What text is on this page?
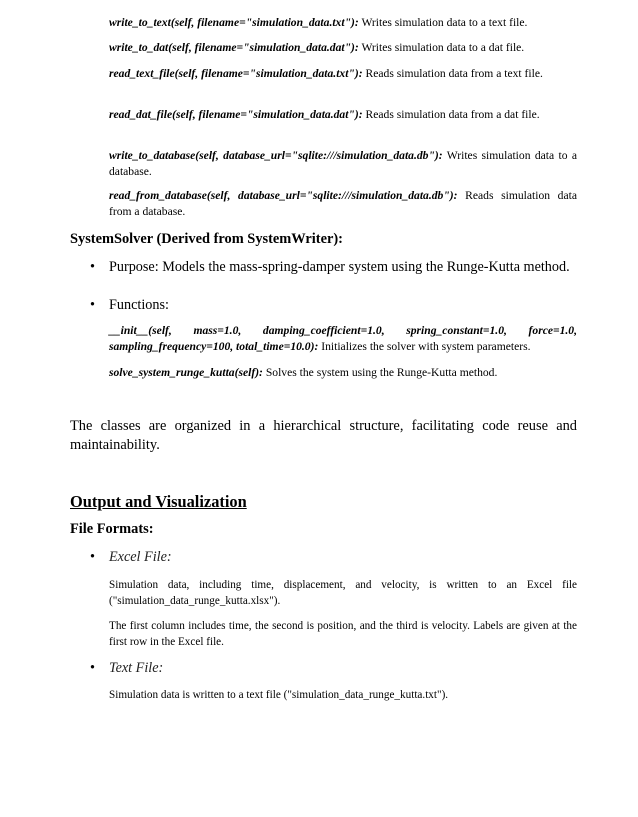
write_to_text(self, filename="simulation_data.txt"): Writes simulation data to a text file.
write_to_dat(self, filename="simulation_data.dat"): Writes simulation data to a dat file.
read_text_file(self, filename="simulation_data.txt"): Reads simulation data from a text file.
read_dat_file(self, filename="simulation_data.dat"): Reads simulation data from a dat file.
write_to_database(self, database_url="sqlite:///simulation_data.db"): Writes simulation data to a database.
read_from_database(self, database_url="sqlite:///simulation_data.db"): Reads simulation data from a database.
SystemSolver (Derived from SystemWriter):
•
Purpose: Models the mass-spring-damper system using the Runge-Kutta method.
•
Functions:
__init__(self, mass=1.0, damping_coefficient=1.0, spring_constant=1.0, force=1.0, sampling_frequency=100, total_time=10.0): Initializes the solver with system parameters.
solve_system_runge_kutta(self): Solves the system using the Runge-Kutta method.
The classes are organized in a hierarchical structure, facilitating code reuse and maintainability.
Output and Visualization
File Formats:
•
Excel File:
Simulation data, including time, displacement, and velocity, is written to an Excel file ("simulation_data_runge_kutta.xlsx").
The first column includes time, the second is position, and the third is velocity. Labels are given at the first row in the Excel file.
•
Text File:
Simulation data is written to a text file ("simulation_data_runge_kutta.txt").
